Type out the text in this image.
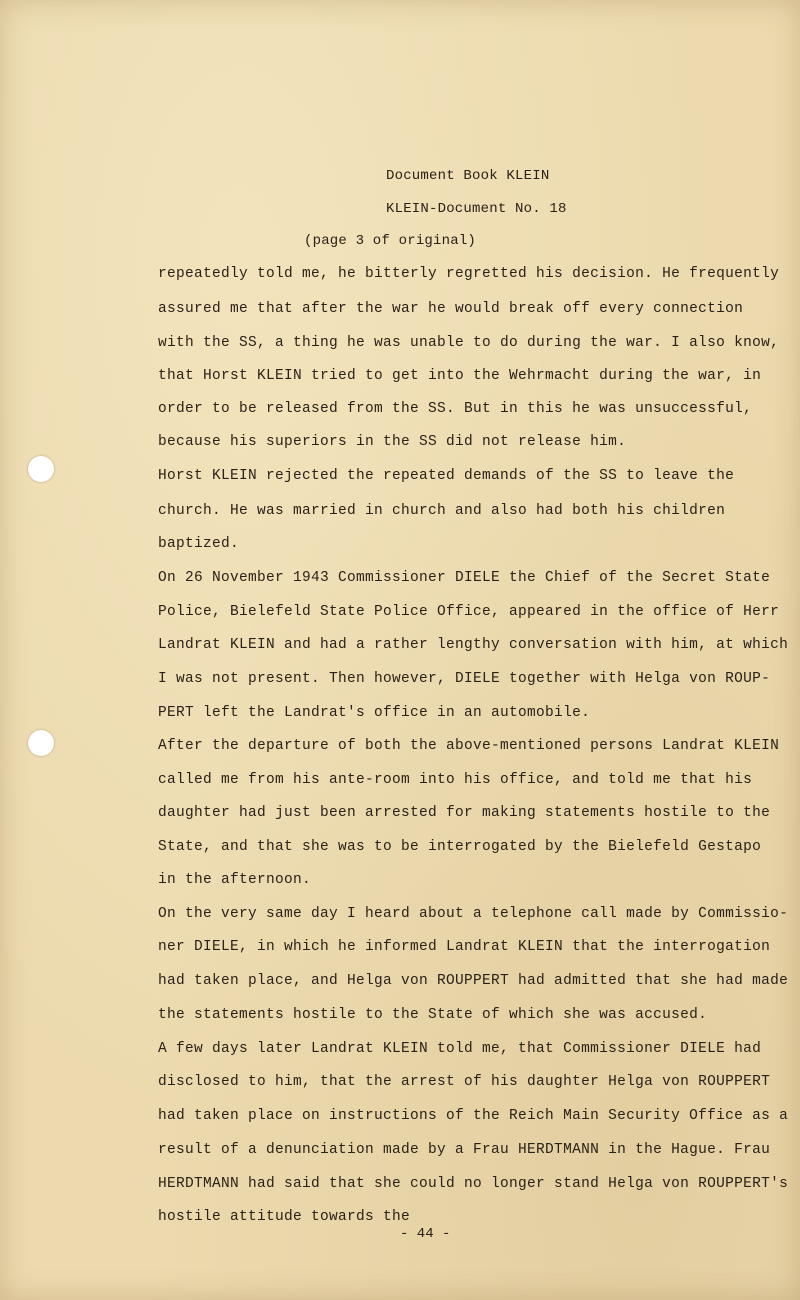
Document Book KLEIN
KLEIN-Document No. 18
(page 3 of original)
repeatedly told me, he bitterly regretted his decision. He frequently
assured me that after the war he would break off every connection
with the SS, a thing he was unable to do during the war. I also know,
that Horst KLEIN tried to get into the Wehrmacht during the war, in
order to be released from the SS. But in this he was unsuccessful,
because his superiors in the SS did not release him.
Horst KLEIN rejected the repeated demands of the SS to leave the
church. He was married in church and also had both his children
baptized.
On 26 November 1943 Commissioner DIELE the Chief of the Secret State
Police, Bielefeld State Police Office, appeared in the office of Herr
Landrat KLEIN and had a rather lengthy conversation with him, at which
I was not present. Then however, DIELE together with Helga von ROUP-
PERT left the Landrat's office in an automobile.
After the departure of both the above-mentioned persons Landrat KLEIN
called me from his ante-room into his office, and told me that his
daughter had just been arrested for making statements hostile to the
State, and that she was to be interrogated by the Bielefeld Gestapo
in the afternoon.
On the very same day I heard about a telephone call made by Commissio-
ner DIELE, in which he informed Landrat KLEIN that the interrogation
had taken place, and Helga von ROUPPERT had admitted that she had made
the statements hostile to the State of which she was accused.
A few days later Landrat KLEIN told me, that Commissioner DIELE had
disclosed to him, that the arrest of his daughter Helga von ROUPPERT
had taken place on instructions of the Reich Main Security Office as a
result of a denunciation made by a Frau HERDTMANN in the Hague. Frau
HERDTMANN had said that she could no longer stand Helga von ROUPPERT's
hostile attitude towards the
- 44 -
